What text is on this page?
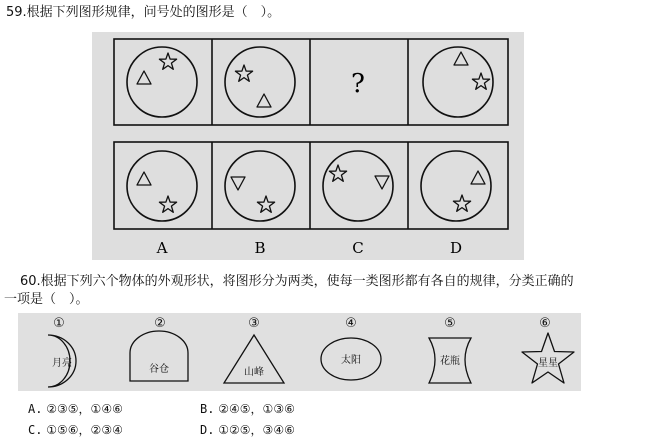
59.根据下列图形规律，问号处的图形是（　）。
?
A	B	C	D
60.根据下列六个物体的外观形状，将图形分为两类，使每一类图形都有各自的规律，分类正确的
一项是（　）。
①	②	③	④	⑤	⑥
月亮
谷仓	山峰
太阳	花瓶	星星
A. ②③⑤，①④⑥	B. ②④⑤，①③⑥
C. ①⑤⑥，②③④	D. ①②⑤，③④⑥
